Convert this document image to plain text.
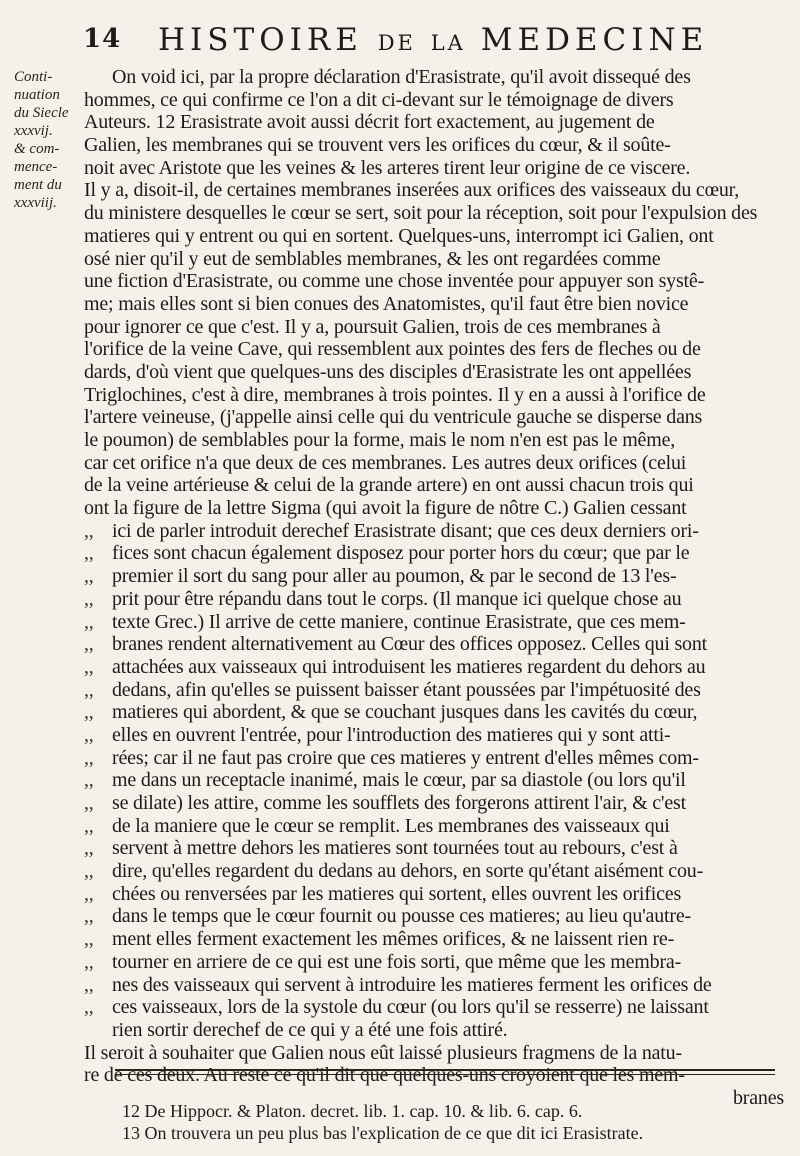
14 HISTOIRE DE LA MEDECINE
Conti-
nuation
du Siecle
xxxvij.
& com-
mence-
ment du
xxxviij.
On void ici, par la propre déclaration d'Erasistrate, qu'il avoit dissequé des
hommes, ce qui confirme ce l'on a dit ci-devant sur le témoignage de divers
Auteurs. 12 Erasistrate avoit aussi décrit fort exactement, au jugement de
Galien, les membranes qui se trouvent vers les orifices du cœur, & il soûte-
noit avec Aristote que les veines & les arteres tirent leur origine de ce viscere.
Il y a, disoit-il, de certaines membranes inserées aux orifices des vaisseaux du cœur,
du ministere desquelles le cœur se sert, soit pour la réception, soit pour l'expulsion des
matieres qui y entrent ou qui en sortent. Quelques-uns, interrompt ici Galien, ont
osé nier qu'il y eut de semblables membranes, & les ont regardées comme
une fiction d'Erasistrate, ou comme une chose inventée pour appuyer son systê-
me; mais elles sont si bien conues des Anatomistes, qu'il faut être bien novice
pour ignorer ce que c'est. Il y a, poursuit Galien, trois de ces membranes à
l'orifice de la veine Cave, qui ressemblent aux pointes des fers de fleches ou de
dards, d'où vient que quelques-uns des disciples d'Erasistrate les ont appellées
Triglochines, c'est à dire, membranes à trois pointes. Il y en a aussi à l'orifice de
l'artere veineuse, (j'appelle ainsi celle qui du ventricule gauche se disperse dans
le poumon) de semblables pour la forme, mais le nom n'en est pas le même,
car cet orifice n'a que deux de ces membranes. Les autres deux orifices (celui
de la veine artérieuse & celui de la grande artere) en ont aussi chacun trois qui
ont la figure de la lettre Sigma (qui avoit la figure de nôtre C.) Galien cessant
,, ici de parler introduit derechef Erasistrate disant; que ces deux derniers ori-
,, fices sont chacun également disposez pour porter hors du cœur; que par le
,, premier il sort du sang pour aller au poumon, & par le second de 13 l'es-
,, prit pour être répandu dans tout le corps. (Il manque ici quelque chose au
,, texte Grec.) Il arrive de cette maniere, continue Erasistrate, que ces mem-
,, branes rendent alternativement au Cœur des offices opposez. Celles qui sont
,, attachées aux vaisseaux qui introduisent les matieres regardent du dehors au
,, dedans, afin qu'elles se puissent baisser étant poussées par l'impétuosité des
,, matieres qui abordent, & que se couchant jusques dans les cavités du cœur,
,, elles en ouvrent l'entrée, pour l'introduction des matieres qui y sont atti-
,, rées; car il ne faut pas croire que ces matieres y entrent d'elles mêmes com-
,, me dans un receptacle inanimé, mais le cœur, par sa diastole (ou lors qu'il
,, se dilate) les attire, comme les soufflets des forgerons attirent l'air, & c'est
,, de la maniere que le cœur se remplit. Les membranes des vaisseaux qui
,, servent à mettre dehors les matieres sont tournées tout au rebours, c'est à
,, dire, qu'elles regardent du dedans au dehors, en sorte qu'étant aisément cou-
,, chées ou renversées par les matieres qui sortent, elles ouvrent les orifices
,, dans le temps que le cœur fournit ou pousse ces matieres; au lieu qu'autre-
,, ment elles ferment exactement les mêmes orifices, & ne laissent rien re-
,, tourner en arriere de ce qui est une fois sorti, que même que les membra-
,, nes des vaisseaux qui servent à introduire les matieres ferment les orifices de
,, ces vaisseaux, lors de la systole du cœur (ou lors qu'il se resserre) ne laissant
rien sortir derechef de ce qui y a été une fois attiré.
Il seroit à souhaiter que Galien nous eût laissé plusieurs fragmens de la natu-
re de ces deux. Au reste ce qu'il dit que quelques-uns croyoient que les mem-
branes
12 De Hippocr. & Platon. decret. lib. 1. cap. 10. & lib. 6. cap. 6.
13 On trouvera un peu plus bas l'explication de ce que dit ici Erasistrate.
